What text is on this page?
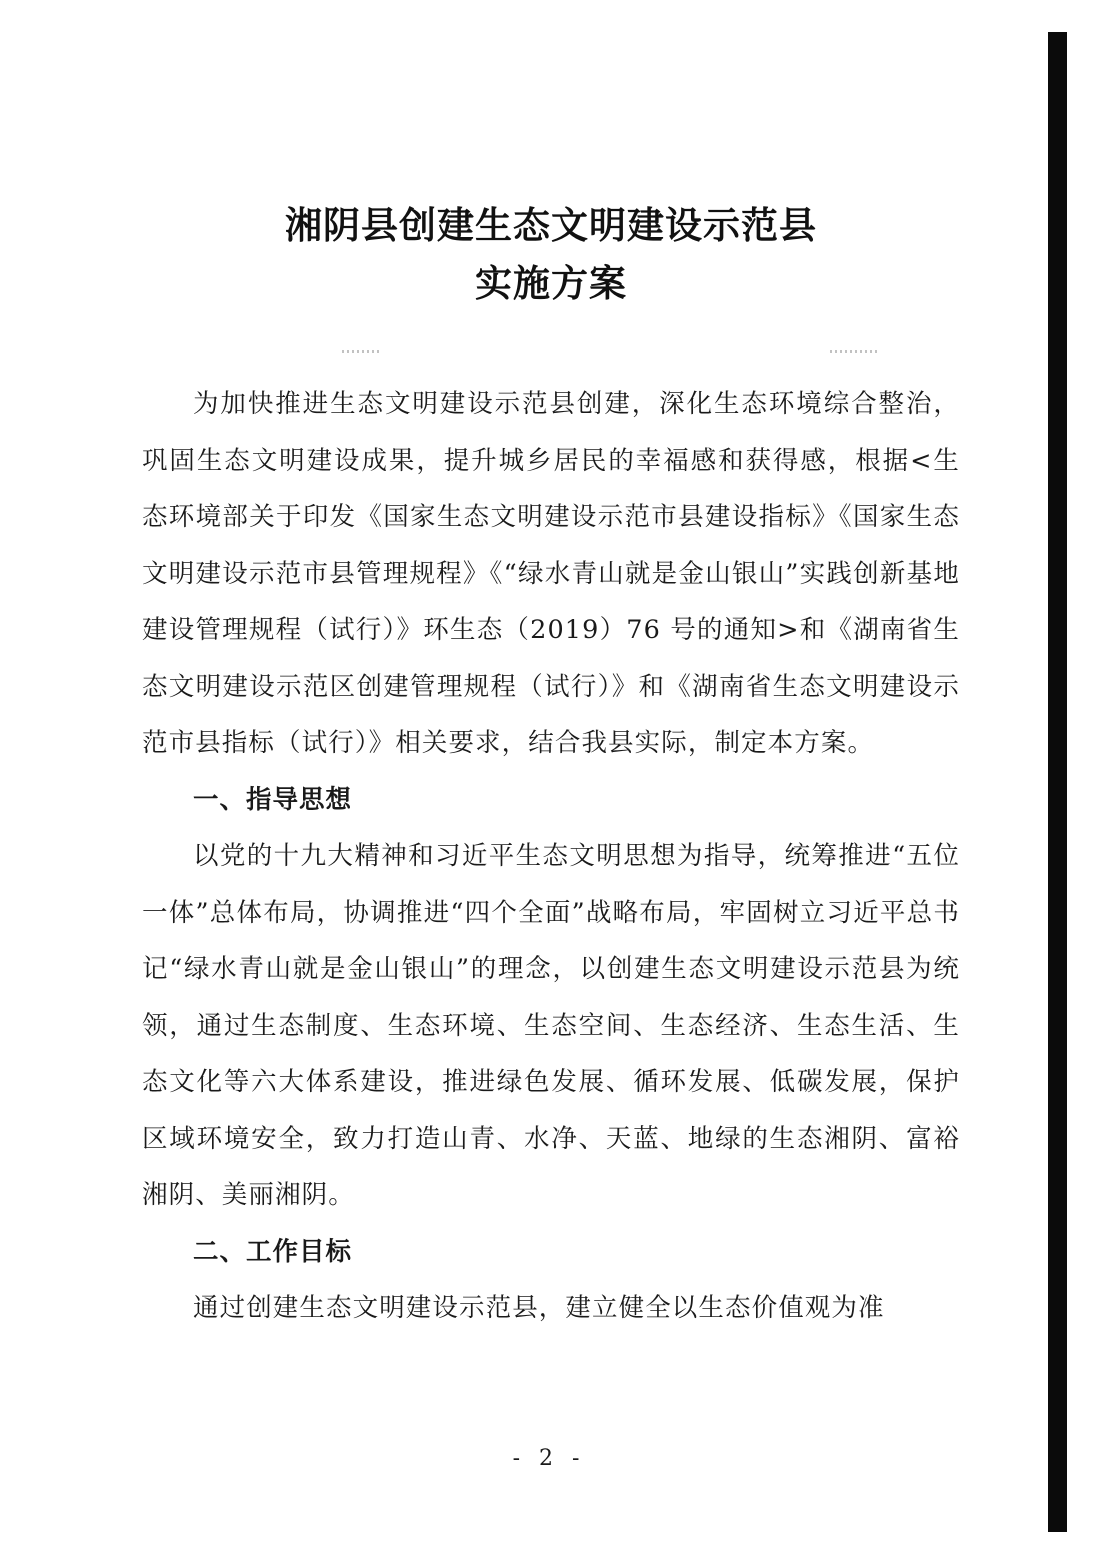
湘阴县创建生态文明建设示范县
实施方案

为加快推进生态文明建设示范县创建，深化生态环境综合整治，巩固生态文明建设成果，提升城乡居民的幸福感和获得感，根据<生态环境部关于印发《国家生态文明建设示范市县建设指标》《国家生态文明建设示范市县管理规程》《“绿水青山就是金山银山”实践创新基地建设管理规程（试行）》环生态（2019）76 号的通知>和《湖南省生态文明建设示范区创建管理规程（试行）》和《湖南省生态文明建设示范市县指标（试行）》相关要求，结合我县实际，制定本方案。

一、指导思想

以党的十九大精神和习近平生态文明思想为指导，统筹推进“五位一体”总体布局，协调推进“四个全面”战略布局，牢固树立习近平总书记“绿水青山就是金山银山”的理念，以创建生态文明建设示范县为统领，通过生态制度、生态环境、生态空间、生态经济、生态生活、生态文化等六大体系建设，推进绿色发展、循环发展、低碳发展，保护区域环境安全，致力打造山青、水净、天蓝、地绿的生态湘阴、富裕湘阴、美丽湘阴。

二、工作目标

通过创建生态文明建设示范县，建立健全以生态价值观为准

- 2 -
